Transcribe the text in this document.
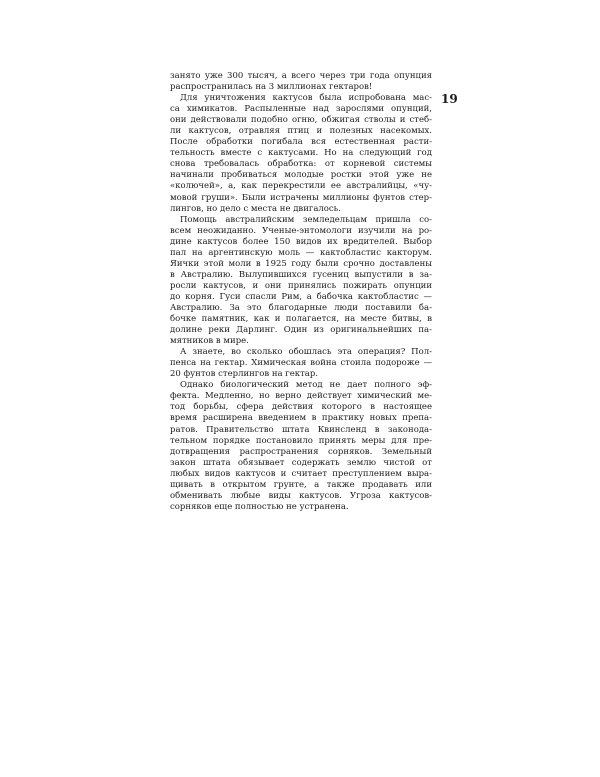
19
занято уже 300 тысяч, а всего через три года опунция
распространилась на 3 миллионах гектаров!
Для уничтожения кактусов была испробована мас-
са химикатов. Распыленные над зарослями опунций,
они действовали подобно огню, обжигая стволы и стеб-
ли кактусов, отравляя птиц и полезных насекомых.
После обработки погибала вся естественная расти-
тельность вместе с кактусами. Но на следующий год
снова требовалась обработка: от корневой системы
начинали пробиваться молодые ростки этой уже не
«колючей», а, как перекрестили ее австралийцы, «чу-
мовой груши». Были истрачены миллионы фунтов стер-
лингов, но дело с места не двигалось.
Помощь австралийским земледельцам пришла со-
всем неожиданно. Ученые-энтомологи изучили на ро-
дине кактусов более 150 видов их вредителей. Выбор
пал на аргентинскую моль — кактобластис какторум.
Яички этой моли в 1925 году были срочно доставлены
в Австралию. Вылупившихся гусениц выпустили в за-
росли кактусов, и они принялись пожирать опунции
до корня. Гуси спасли Рим, а бабочка кактобластис —
Австралию. За это благодарные люди поставили ба-
бочке памятник, как и полагается, на месте битвы, в
долине реки Дарлинг. Один из оригинальнейших па-
мятников в мире.
А знаете, во сколько обошлась эта операция? Пол-
пенса на гектар. Химическая война стоила подороже —
20 фунтов стерлингов на гектар.
Однако биологический метод не дает полного эф-
фекта. Медленно, но верно действует химический ме-
тод борьбы, сфера действия которого в настоящее
время расширена введением в практику новых препа-
ратов. Правительство штата Квинсленд в законода-
тельном порядке постановило принять меры для пре-
дотвращения распространения сорняков. Земельный
закон штата обязывает содержать землю чистой от
любых видов кактусов и считает преступлением выра-
щивать в открытом грунте, а также продавать или
обменивать любые виды кактусов. Угроза кактусов-
сорняков еще полностью не устранена.
